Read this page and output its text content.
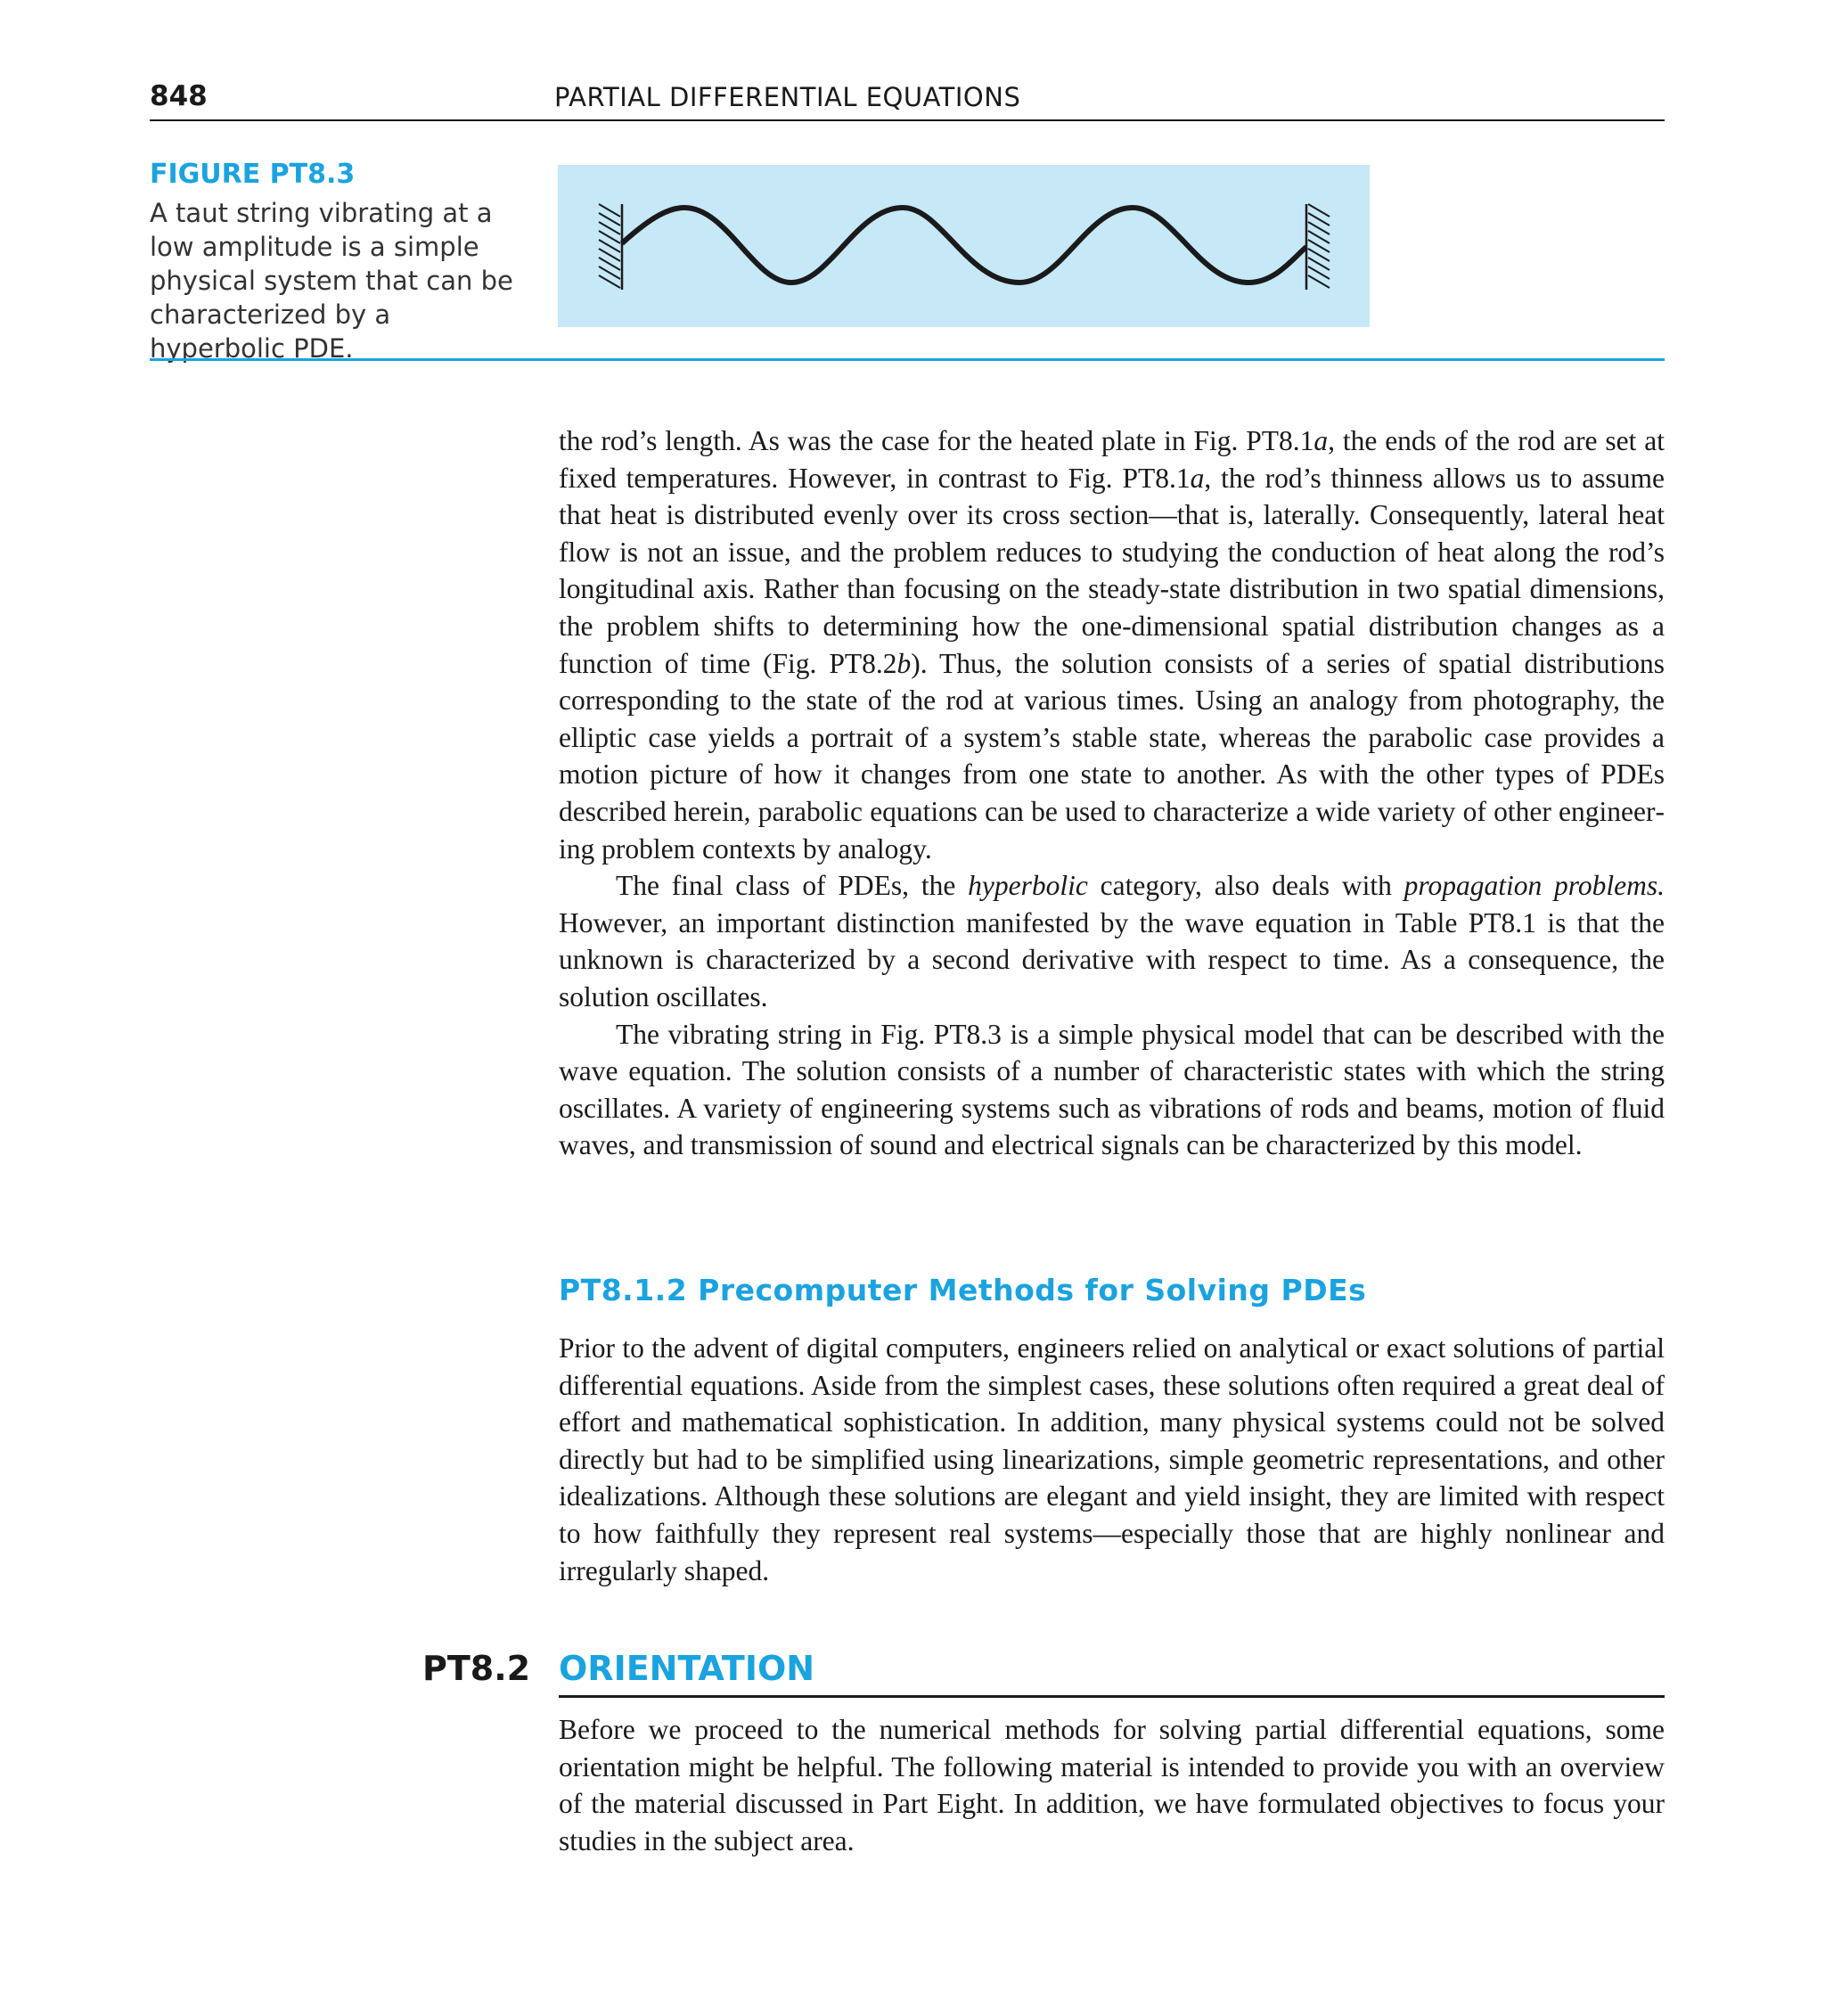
848	PARTIAL DIFFERENTIAL EQUATIONS
FIGURE PT8.3
A taut string vibrating at a low amplitude is a simple physical system that can be characterized by a hyperbolic PDE.

the rod’s length. As was the case for the heated plate in Fig. PT8.1a, the ends of the rod are set at fixed temperatures. However, in contrast to Fig. PT8.1a, the rod’s thinness allows us to assume that heat is distributed evenly over its cross section—that is, laterally. Consequently, lateral heat flow is not an issue, and the problem reduces to studying the conduction of heat along the rod’s longitudinal axis. Rather than focusing on the steady-state distribution in two spatial dimensions, the problem shifts to determining how the one-dimensional spatial distribution changes as a function of time (Fig. PT8.2b). Thus, the solution consists of a series of spatial distributions corresponding to the state of the rod at various times. Using an analogy from photography, the elliptic case yields a portrait of a system’s stable state, whereas the parabolic case provides a motion picture of how it changes from one state to another. As with the other types of PDEs described herein, parabolic equations can be used to characterize a wide variety of other engineering problem contexts by analogy.

The final class of PDEs, the hyperbolic category, also deals with propagation problems. However, an important distinction manifested by the wave equation in Table PT8.1 is that the unknown is characterized by a second derivative with respect to time. As a consequence, the solution oscillates.

The vibrating string in Fig. PT8.3 is a simple physical model that can be described with the wave equation. The solution consists of a number of characteristic states with which the string oscillates. A variety of engineering systems such as vibrations of rods and beams, motion of fluid waves, and transmission of sound and electrical signals can be characterized by this model.

PT8.1.2 Precomputer Methods for Solving PDEs

Prior to the advent of digital computers, engineers relied on analytical or exact solutions of partial differential equations. Aside from the simplest cases, these solutions often required a great deal of effort and mathematical sophistication. In addition, many physical systems could not be solved directly but had to be simplified using linearizations, simple geometric representations, and other idealizations. Although these solutions are elegant and yield insight, they are limited with respect to how faithfully they represent real systems—especially those that are highly nonlinear and irregularly shaped.

PT8.2 ORIENTATION

Before we proceed to the numerical methods for solving partial differential equations, some orientation might be helpful. The following material is intended to provide you with an overview of the material discussed in Part Eight. In addition, we have formulated objectives to focus your studies in the subject area.
